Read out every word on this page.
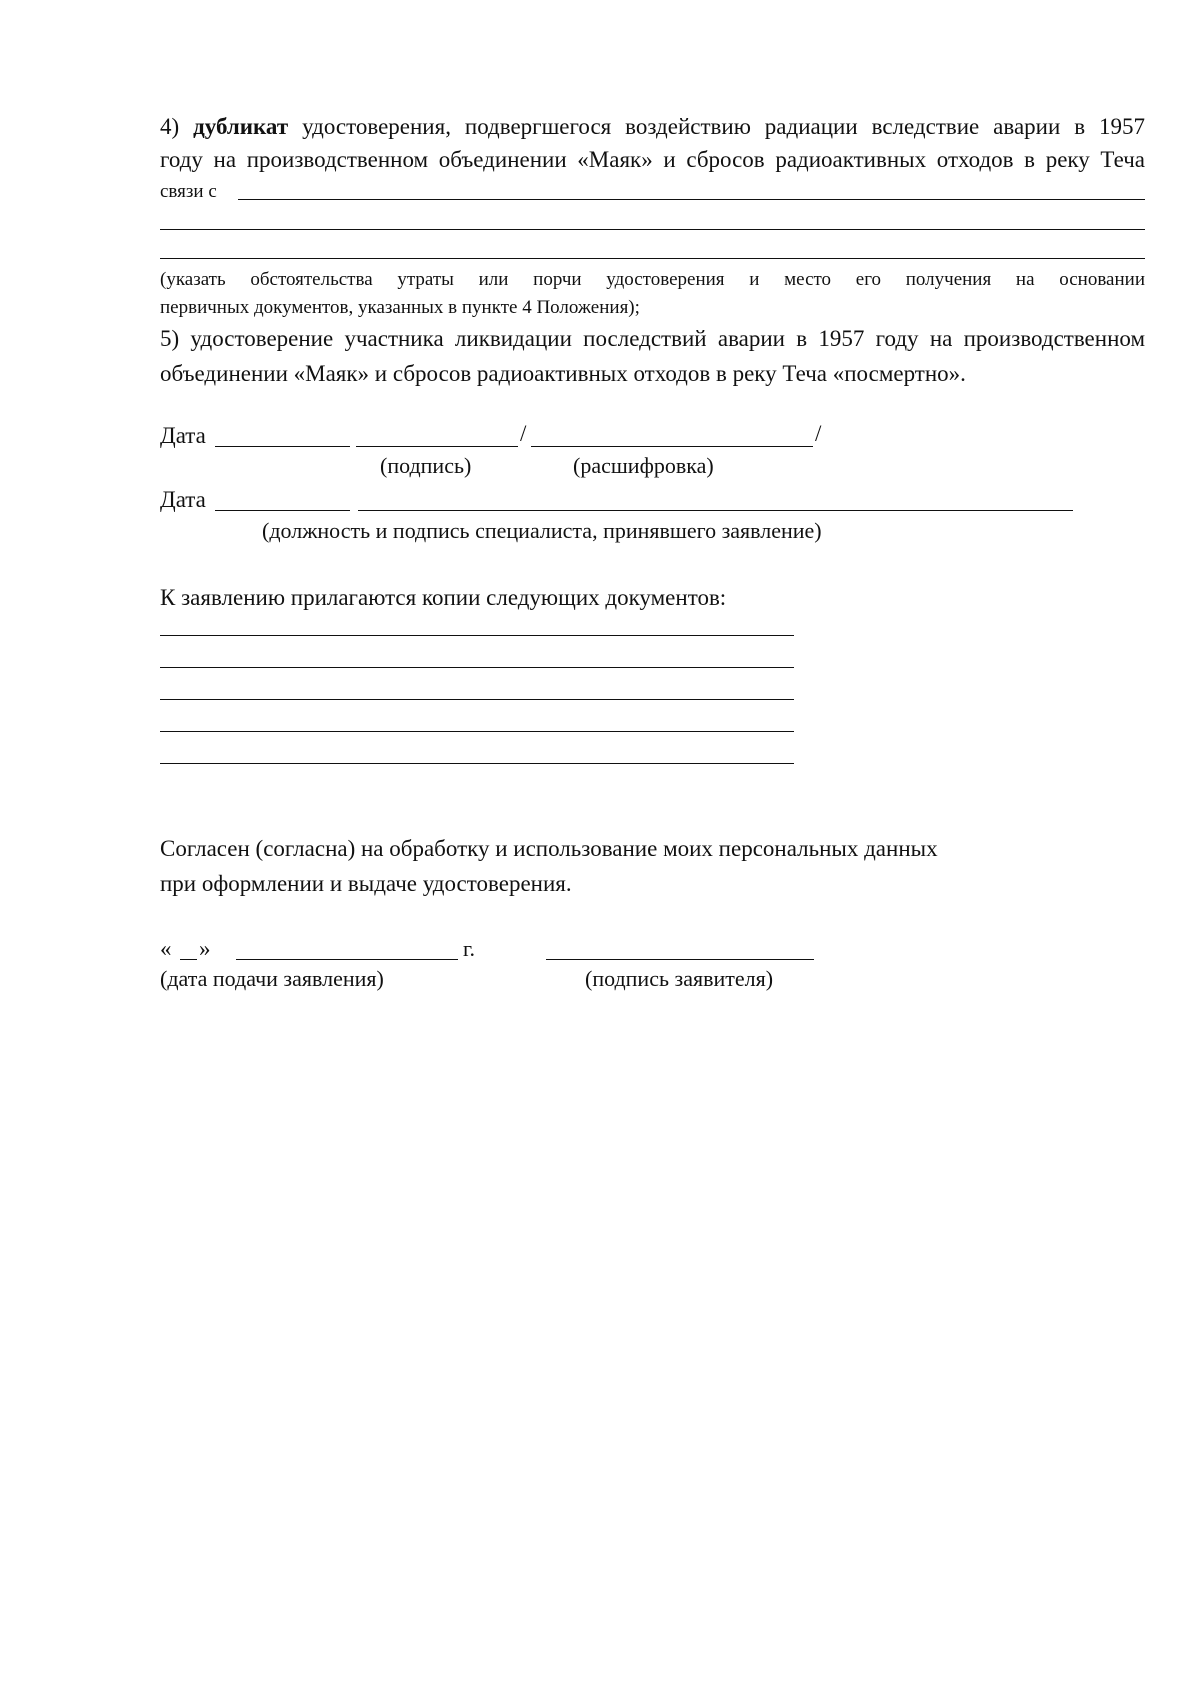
4) дубликат удостоверения, подвергшегося воздействию радиации вследствие аварии в 1957
году на производственном объединении «Маяк» и сбросов радиоактивных отходов в реку Теча
связи с
(указать обстоятельства утраты или порчи удостоверения и место его получения на основании
первичных документов, указанных в пункте 4 Положения);
5) удостоверение участника ликвидации последствий аварии в 1957 году на производственном
объединении «Маяк» и сбросов радиоактивных отходов в реку Теча «посмертно».
Дата	/	/
(подпись)	(расшифровка)
Дата
(должность и подпись специалиста, принявшего заявление)
К заявлению прилагаются копии следующих документов:
Согласен (согласна) на обработку и использование моих персональных данных
при оформлении и выдаче удостоверения.
« »	г.
(дата подачи заявления)	(подпись заявителя)
